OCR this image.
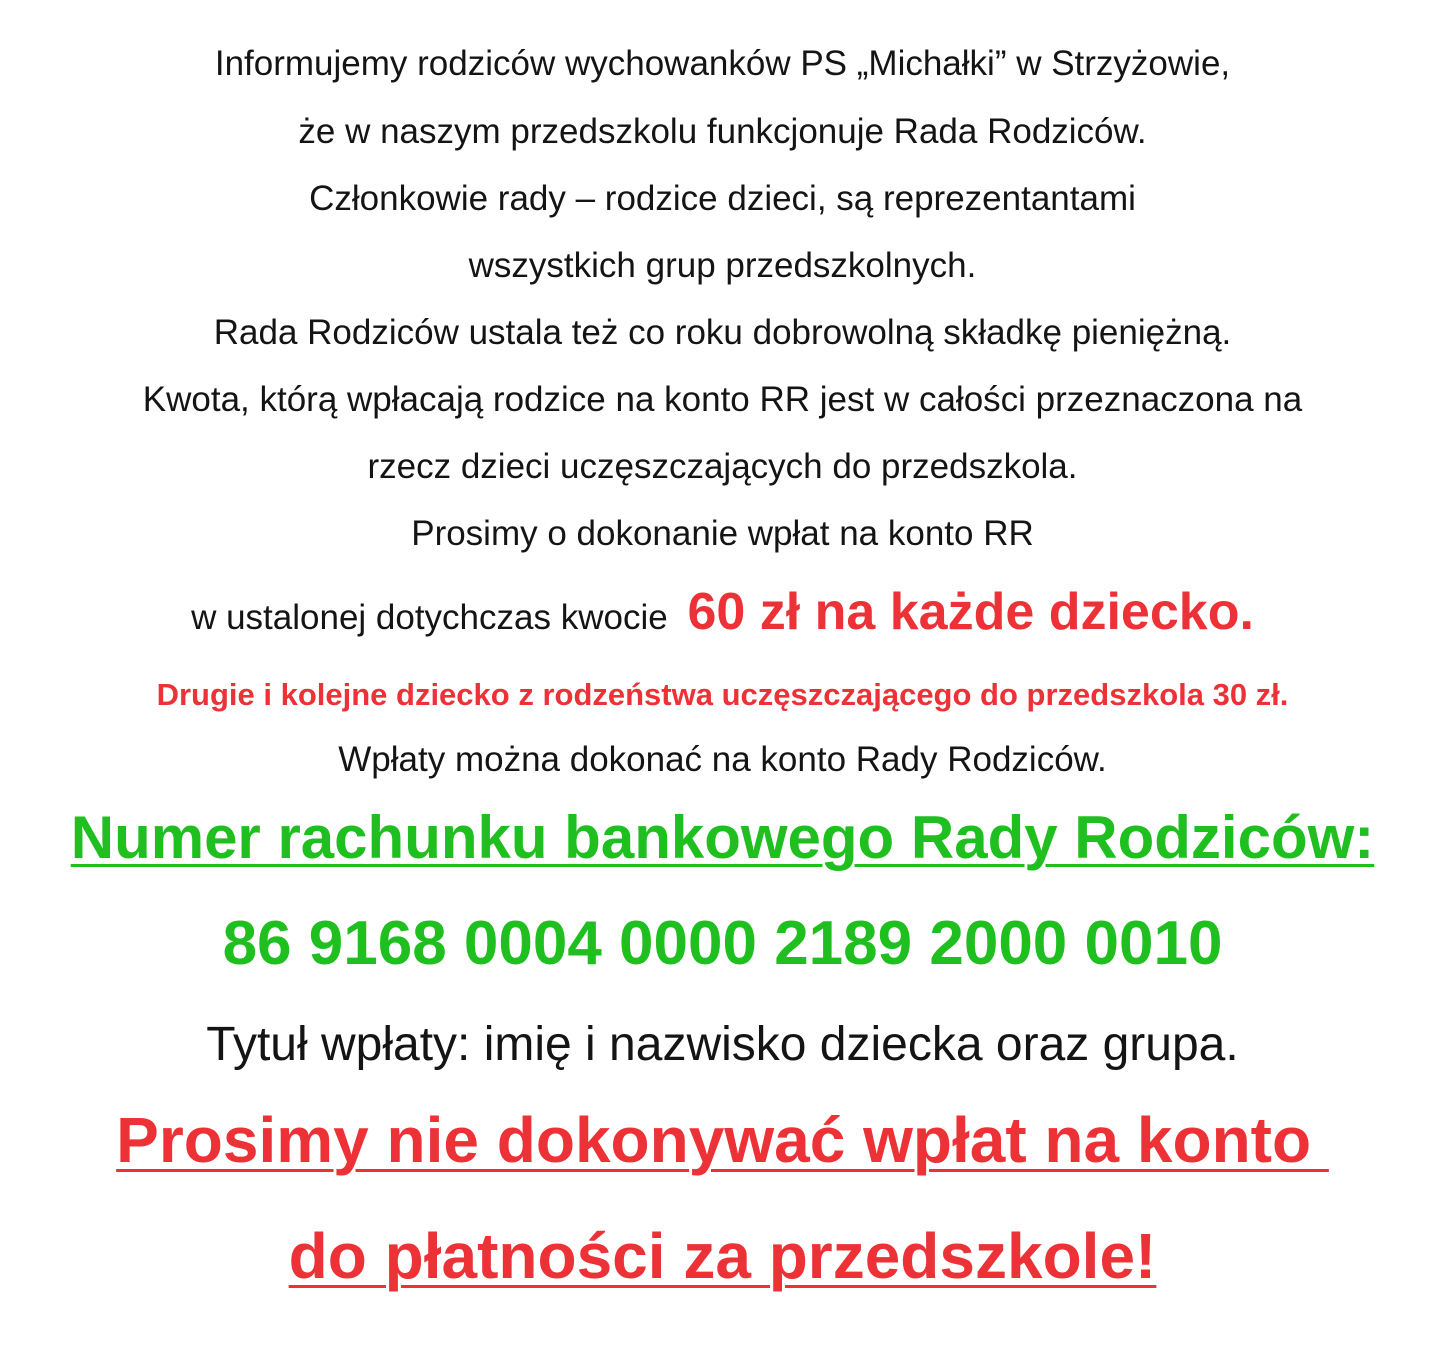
Informujemy rodziców wychowanków PS „Michałki” w Strzyżowie,

że w naszym przedszkolu funkcjonuje Rada Rodziców.

Członkowie rady – rodzice dzieci, są reprezentantami

wszystkich grup przedszkolnych.

Rada Rodziców ustala też co roku dobrowolną składkę pieniężną.

Kwota, którą wpłacają rodzice na konto RR jest w całości przeznaczona na

rzecz dzieci uczęszczających do przedszkola.

Prosimy o dokonanie wpłat na konto RR

w ustalonej dotychczas kwocie 60 zł na każde dziecko.

Drugie i kolejne dziecko z rodzeństwa uczęszczającego do przedszkola 30 zł.

Wpłaty można dokonać na konto Rady Rodziców.

Numer rachunku bankowego Rady Rodziców:

86 9168 0004 0000 2189 2000 0010

Tytuł wpłaty: imię i nazwisko dziecka oraz grupa.

Prosimy nie dokonywać wpłat na konto

do płatności za przedszkole!
